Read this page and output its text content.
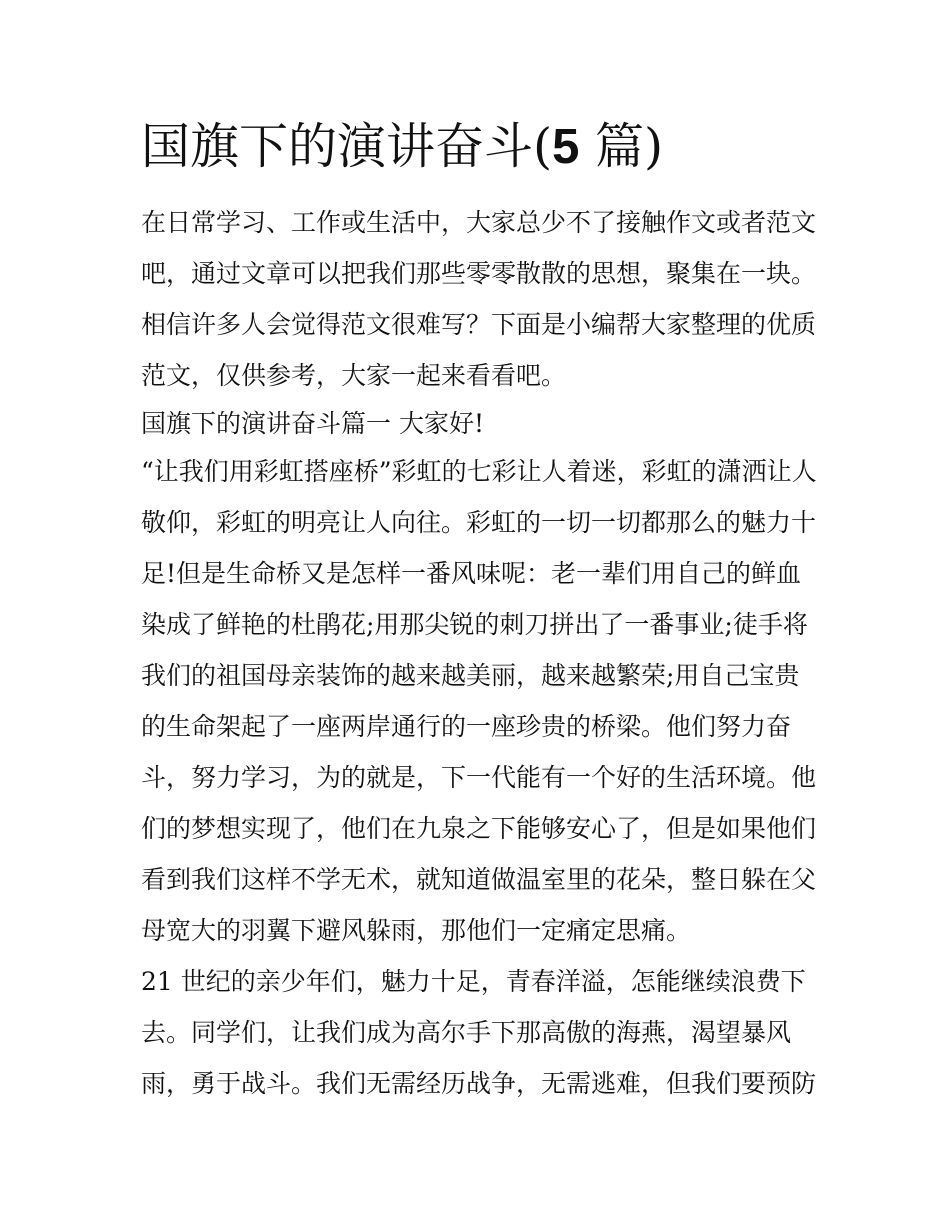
国旗下的演讲奋斗(5 篇)

在日常学习、工作或生活中，大家总少不了接触作文或者范文
吧，通过文章可以把我们那些零零散散的思想，聚集在一块。
相信许多人会觉得范文很难写？下面是小编帮大家整理的优质
范文，仅供参考，大家一起来看看吧。

国旗下的演讲奋斗篇一 大家好!

“让我们用彩虹搭座桥”彩虹的七彩让人着迷，彩虹的潇洒让人
敬仰，彩虹的明亮让人向往。彩虹的一切一切都那么的魅力十
足!但是生命桥又是怎样一番风味呢：老一辈们用自己的鲜血
染成了鲜艳的杜鹃花;用那尖锐的刺刀拼出了一番事业;徒手将
我们的祖国母亲装饰的越来越美丽，越来越繁荣;用自己宝贵
的生命架起了一座两岸通行的一座珍贵的桥梁。他们努力奋
斗，努力学习，为的就是，下一代能有一个好的生活环境。他
们的梦想实现了，他们在九泉之下能够安心了，但是如果他们
看到我们这样不学无术，就知道做温室里的花朵，整日躲在父
母宽大的羽翼下避风躲雨，那他们一定痛定思痛。

21 世纪的亲少年们，魅力十足，青春洋溢，怎能继续浪费下
去。同学们，让我们成为高尔手下那高傲的海燕，渴望暴风
雨，勇于战斗。我们无需经历战争，无需逃难，但我们要预防
